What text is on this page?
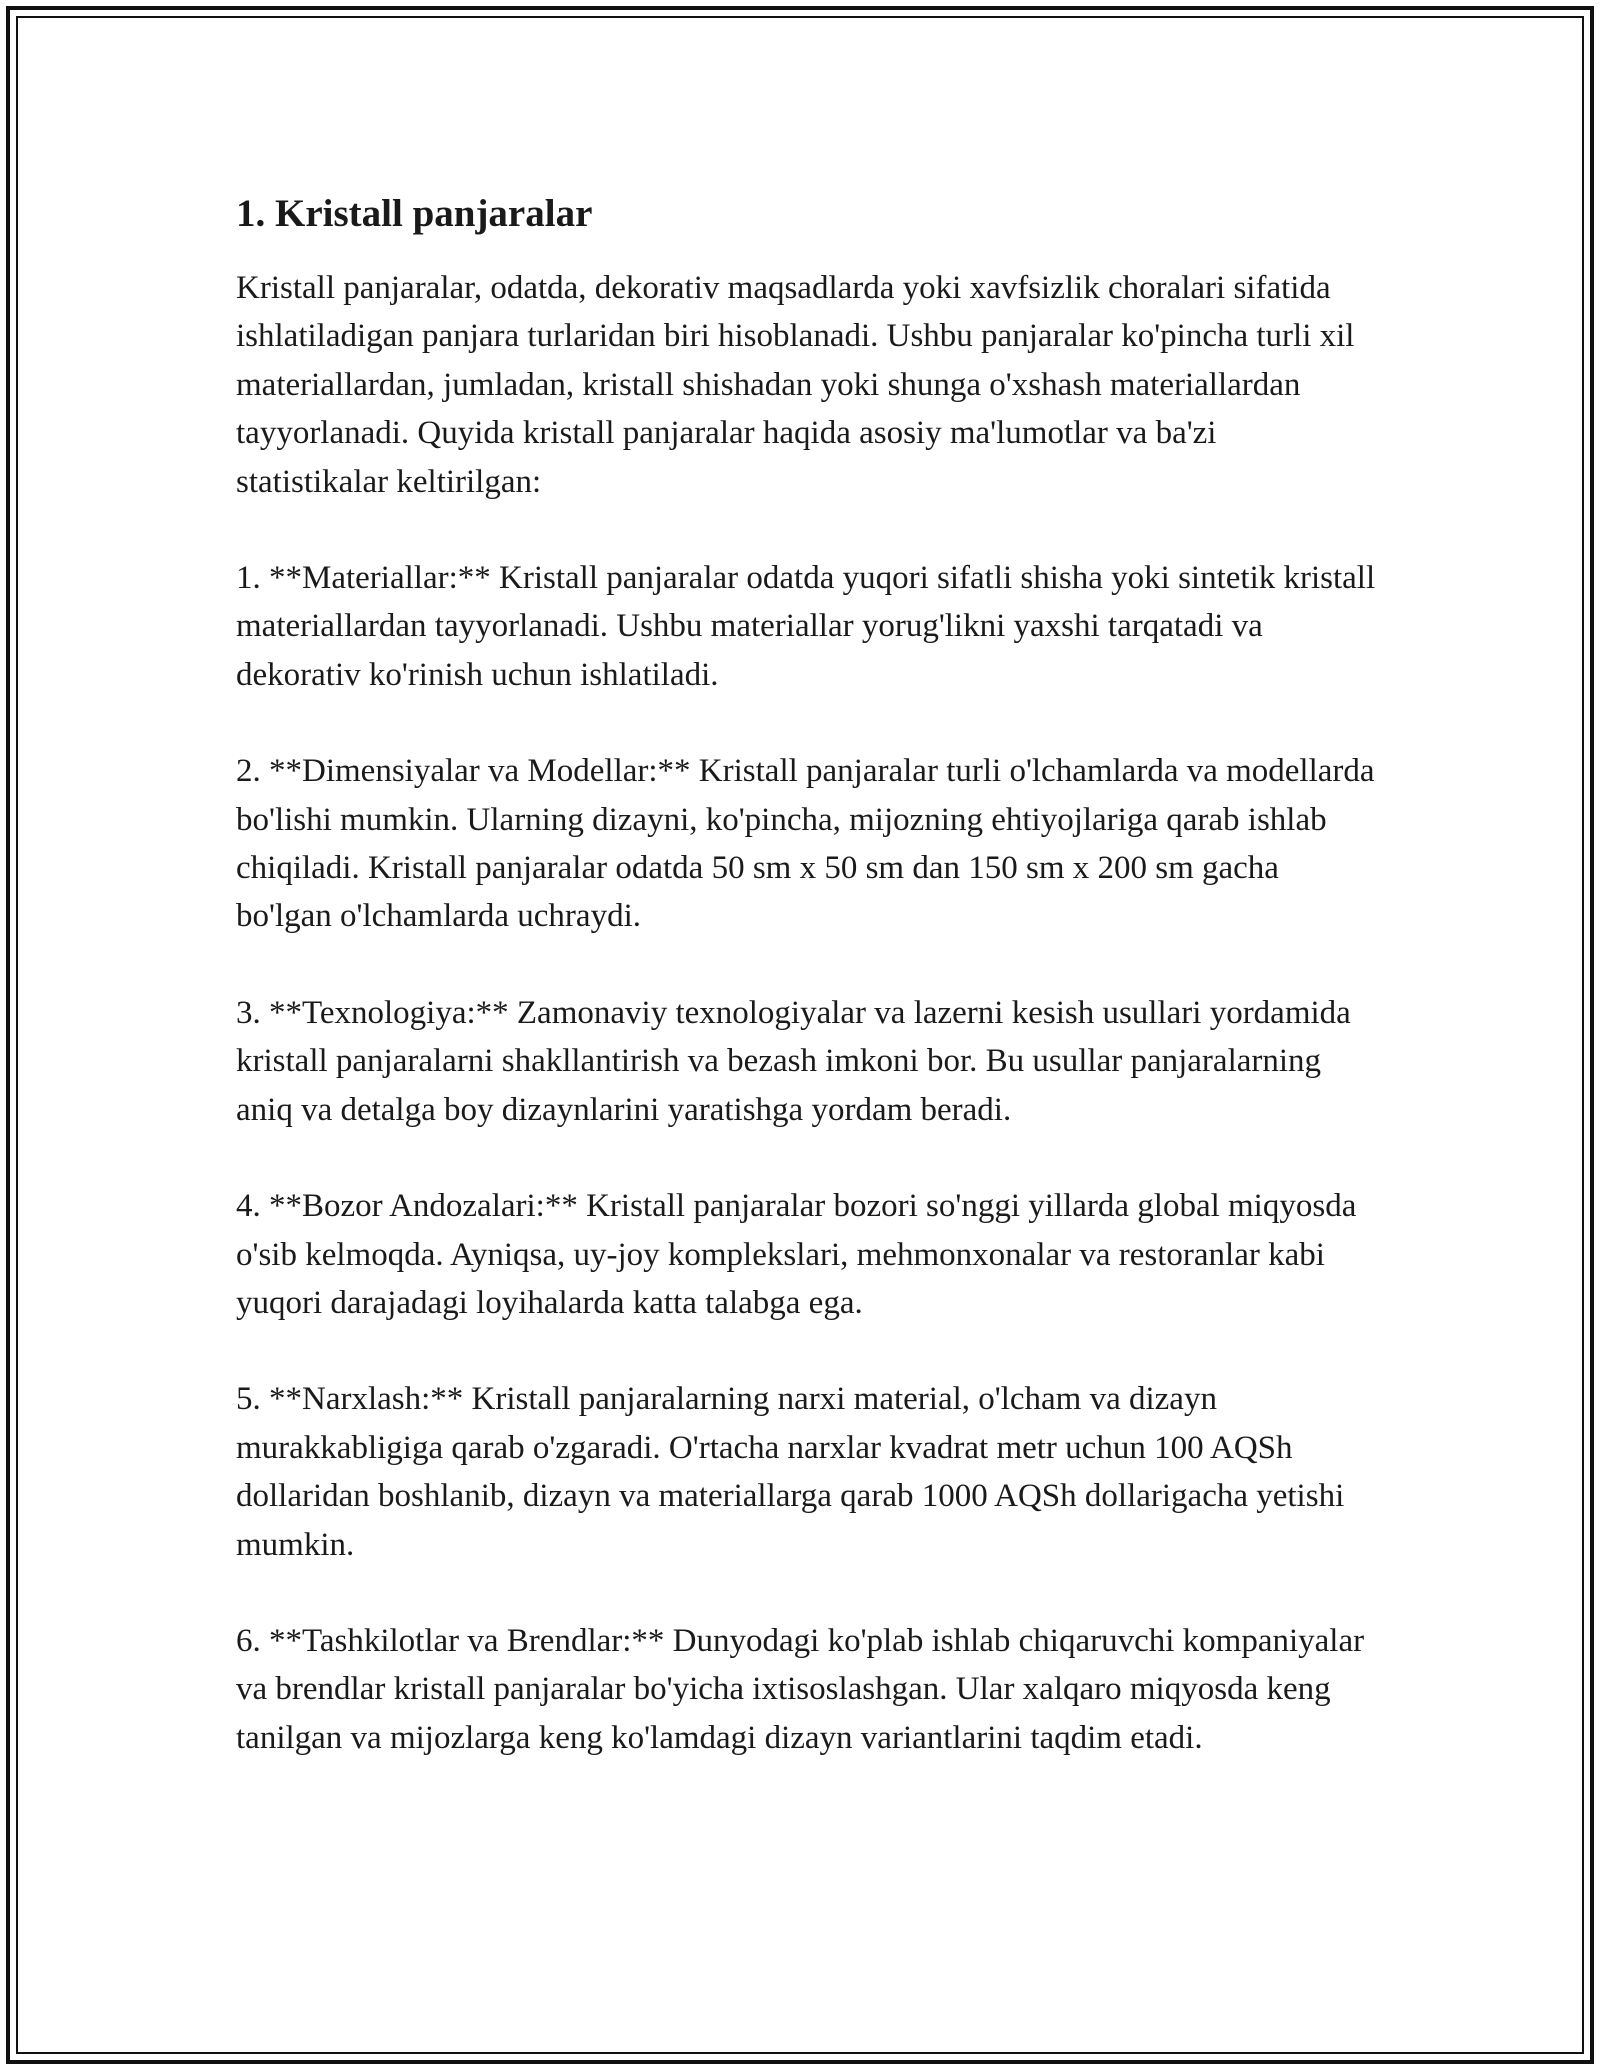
1. Kristall panjaralar

Kristall panjaralar, odatda, dekorativ maqsadlarda yoki xavfsizlik choralari sifatida ishlatiladigan panjara turlaridan biri hisoblanadi. Ushbu panjaralar ko'pincha turli xil materiallardan, jumladan, kristall shishadan yoki shunga o'xshash materiallardan tayyorlanadi. Quyida kristall panjaralar haqida asosiy ma'lumotlar va ba'zi statistikalar keltirilgan:

1. **Materiallar:** Kristall panjaralar odatda yuqori sifatli shisha yoki sintetik kristall materiallardan tayyorlanadi. Ushbu materiallar yorug'likni yaxshi tarqatadi va dekorativ ko'rinish uchun ishlatiladi.

2. **Dimensiyalar va Modellar:** Kristall panjaralar turli o'lchamlarda va modellarda bo'lishi mumkin. Ularning dizayni, ko'pincha, mijozning ehtiyojlariga qarab ishlab chiqiladi. Kristall panjaralar odatda 50 sm x 50 sm dan 150 sm x 200 sm gacha bo'lgan o'lchamlarda uchraydi.

3. **Texnologiya:** Zamonaviy texnologiyalar va lazerni kesish usullari yordamida kristall panjaralarni shakllantirish va bezash imkoni bor. Bu usullar panjaralarning aniq va detalga boy dizaynlarini yaratishga yordam beradi.

4. **Bozor Andozalari:** Kristall panjaralar bozori so'nggi yillarda global miqyosda o'sib kelmoqda. Ayniqsa, uy-joy komplekslari, mehmonxonalar va restoranlar kabi yuqori darajadagi loyihalarda katta talabga ega.

5. **Narxlash:** Kristall panjaralarning narxi material, o'lcham va dizayn murakkabligiga qarab o'zgaradi. O'rtacha narxlar kvadrat metr uchun 100 AQSh dollaridan boshlanib, dizayn va materiallarga qarab 1000 AQSh dollarigacha yetishi mumkin.

6. **Tashkilotlar va Brendlar:** Dunyodagi ko'plab ishlab chiqaruvchi kompaniyalar va brendlar kristall panjaralar bo'yicha ixtisoslashgan. Ular xalqaro miqyosda keng tanilgan va mijozlarga keng ko'lamdagi dizayn variantlarini taqdim etadi.
